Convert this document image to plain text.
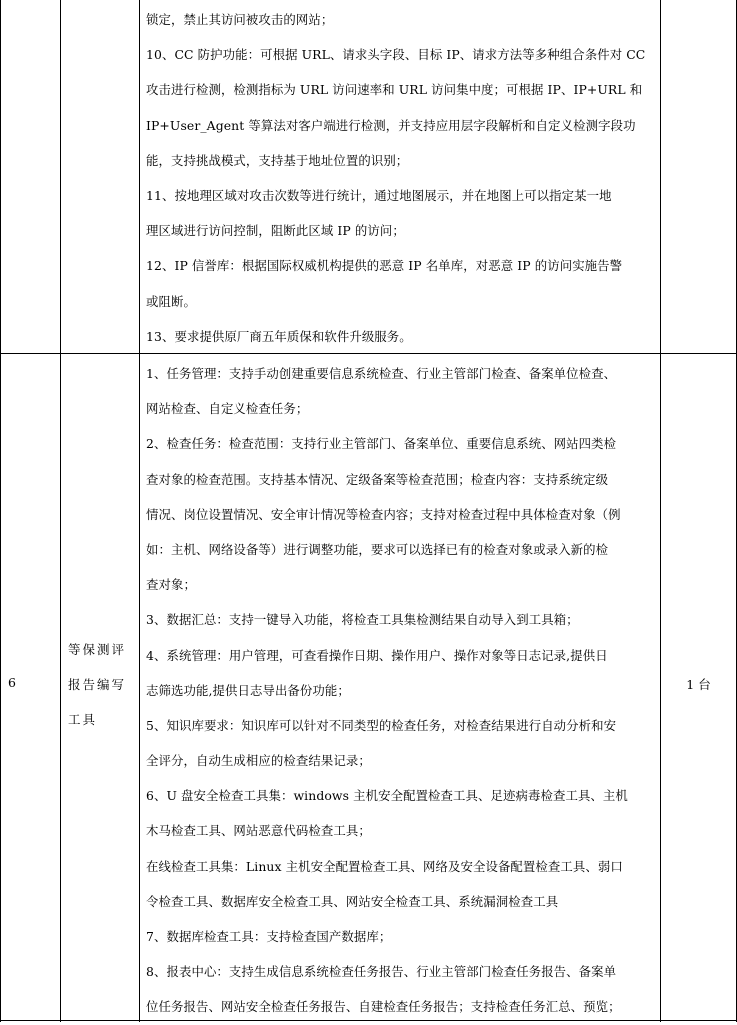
锁定，禁止其访问被攻击的网站；
10、CC 防护功能：可根据 URL、请求头字段、目标 IP、请求方法等多种组合条件对 CC
攻击进行检测，检测指标为 URL 访问速率和 URL 访问集中度；可根据 IP、IP+URL 和
IP+User_Agent 等算法对客户端进行检测，并支持应用层字段解析和自定义检测字段功
能，支持挑战模式，支持基于地址位置的识别；
11、按地理区域对攻击次数等进行统计，通过地图展示，并在地图上可以指定某一地
理区域进行访问控制，阻断此区域 IP 的访问；
12、IP 信誉库：根据国际权威机构提供的恶意 IP 名单库，对恶意 IP 的访问实施告警
或阻断。
13、要求提供原厂商五年质保和软件升级服务。
6
等保测评
报告编写
工具
1、任务管理：支持手动创建重要信息系统检查、行业主管部门检查、备案单位检查、
网站检查、自定义检查任务；
2、检查任务：检查范围：支持行业主管部门、备案单位、重要信息系统、网站四类检
查对象的检查范围。支持基本情况、定级备案等检查范围；检查内容：支持系统定级
情况、岗位设置情况、安全审计情况等检查内容；支持对检查过程中具体检查对象（例
如：主机、网络设备等）进行调整功能，要求可以选择已有的检查对象或录入新的检
查对象；
3、数据汇总：支持一键导入功能，将检查工具集检测结果自动导入到工具箱；
4、系统管理：用户管理，可查看操作日期、操作用户、操作对象等日志记录,提供日
志筛选功能,提供日志导出备份功能；
5、知识库要求：知识库可以针对不同类型的检查任务，对检查结果进行自动分析和安
全评分，自动生成相应的检查结果记录；
6、U 盘安全检查工具集：windows 主机安全配置检查工具、足迹病毒检查工具、主机
木马检查工具、网站恶意代码检查工具；
在线检查工具集：Linux 主机安全配置检查工具、网络及安全设备配置检查工具、弱口
令检查工具、数据库安全检查工具、网站安全检查工具、系统漏洞检查工具
7、数据库检查工具：支持检查国产数据库；
8、报表中心：支持生成信息系统检查任务报告、行业主管部门检查任务报告、备案单
位任务报告、网站安全检查任务报告、自建检查任务报告；支持检查任务汇总、预览；
1 台
